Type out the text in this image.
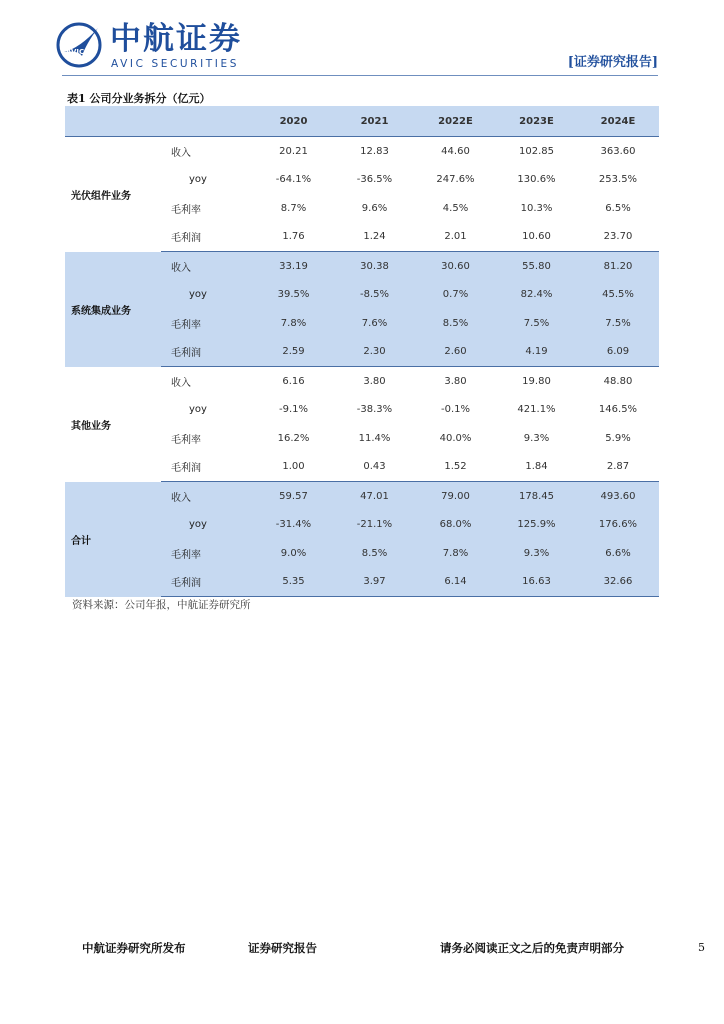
AVIC 中航证券
AVIC SECURITIES	[证券研究报告]
表1 公司分业务拆分（亿元）
		2020	2021	2022E	2023E	2024E
光伏组件业务	收入	20.21	12.83	44.60	102.85	363.60
	yoy	-64.1%	-36.5%	247.6%	130.6%	253.5%
	毛利率	8.7%	9.6%	4.5%	10.3%	6.5%
	毛利润	1.76	1.24	2.01	10.60	23.70
系统集成业务	收入	33.19	30.38	30.60	55.80	81.20
	yoy	39.5%	-8.5%	0.7%	82.4%	45.5%
	毛利率	7.8%	7.6%	8.5%	7.5%	7.5%
	毛利润	2.59	2.30	2.60	4.19	6.09
其他业务	收入	6.16	3.80	3.80	19.80	48.80
	yoy	-9.1%	-38.3%	-0.1%	421.1%	146.5%
	毛利率	16.2%	11.4%	40.0%	9.3%	5.9%
	毛利润	1.00	0.43	1.52	1.84	2.87
合计	收入	59.57	47.01	79.00	178.45	493.60
	yoy	-31.4%	-21.1%	68.0%	125.9%	176.6%
	毛利率	9.0%	8.5%	7.8%	9.3%	6.6%
	毛利润	5.35	3.97	6.14	16.63	32.66
资料来源：公司年报，中航证券研究所
中航证券研究所发布	证券研究报告	请务必阅读正文之后的免责声明部分	5
